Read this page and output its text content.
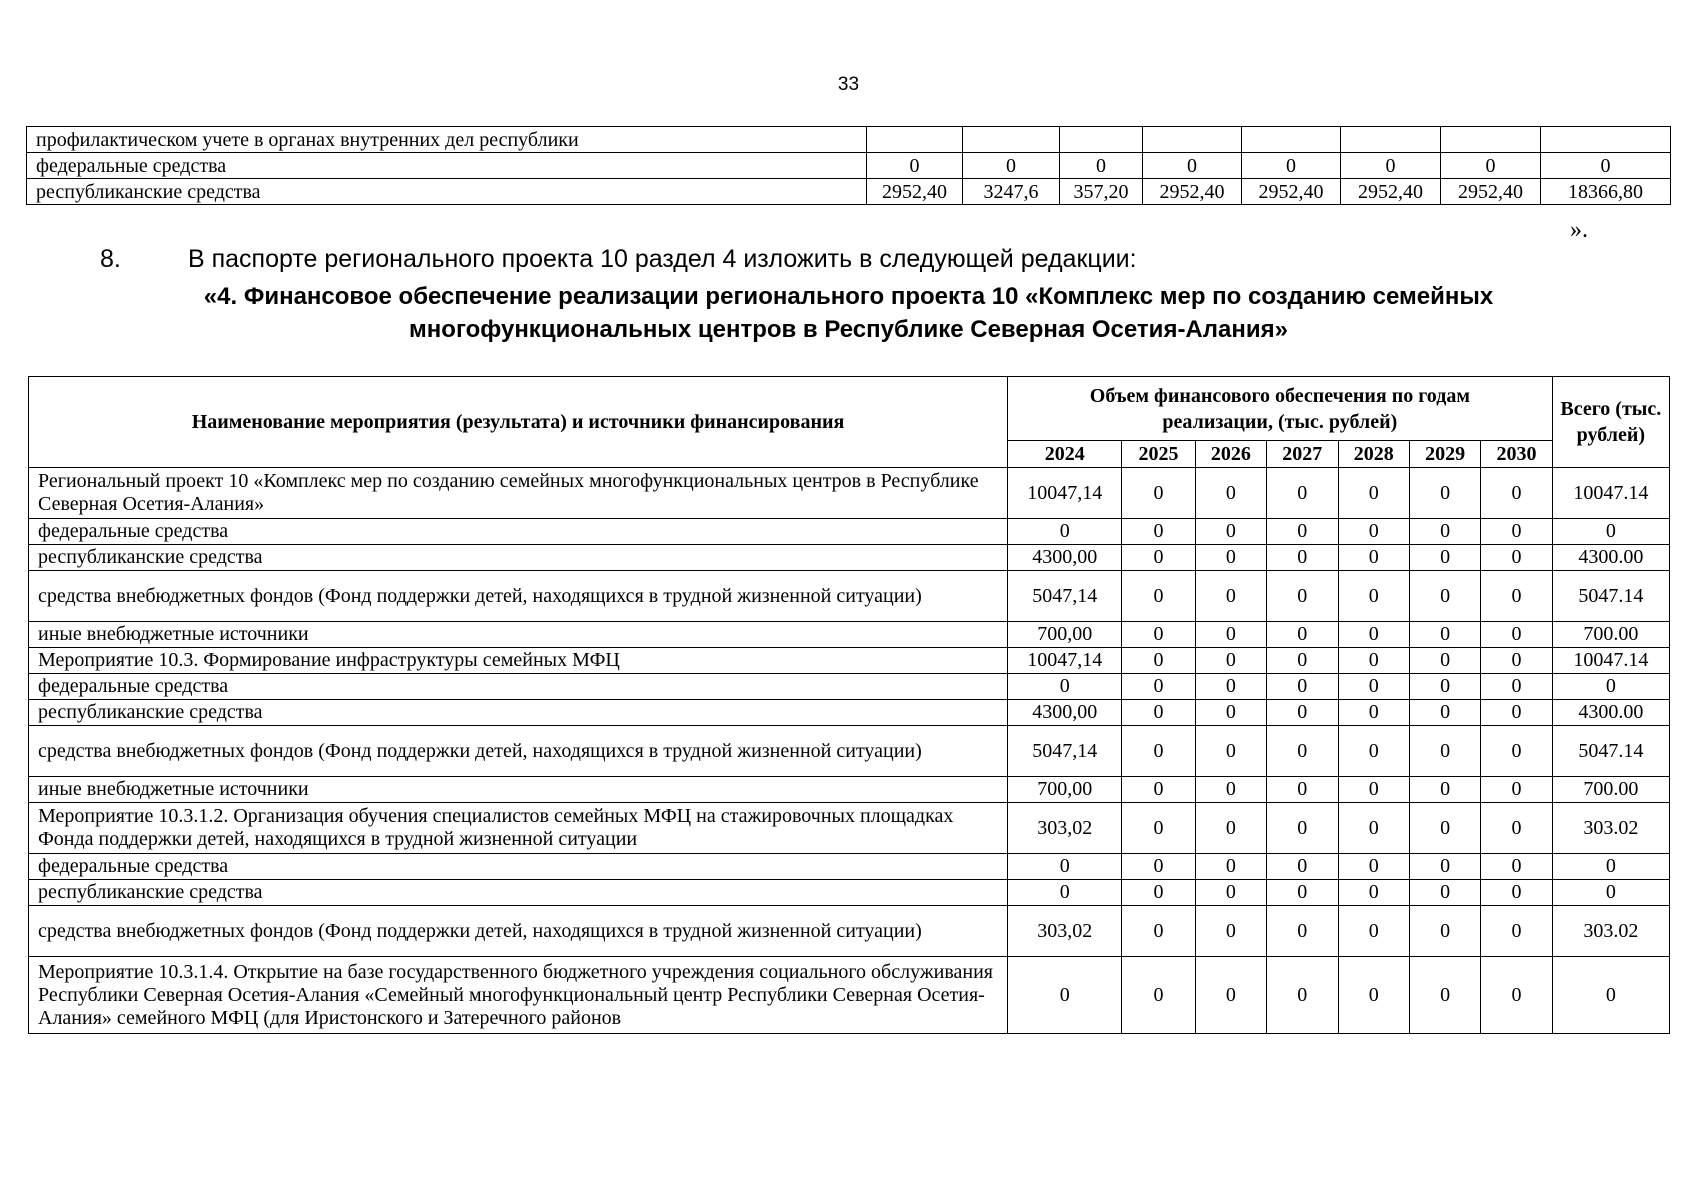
33
профилактическом учете в органах внутренних дел республики								
федеральные средства	0	0	0	0	0	0	0	0
республиканские средства	2952,40	3247,6	357,20	2952,40	2952,40	2952,40	2952,40	18366,80
».
8.	В паспорте регионального проекта 10 раздел 4 изложить в следующей редакции:
«4. Финансовое обеспечение реализации регионального проекта 10 «Комплекс мер по созданию семейных
многофункциональных центров в Республике Северная Осетия-Алания»
Наименование мероприятия (результата) и источники финансирования	Объем финансового обеспечения по годам реализации, (тыс. рублей)							Всего (тыс. рублей)
	2024	2025	2026	2027	2028	2029	2030	
Региональный проект 10 «Комплекс мер по созданию семейных многофункциональных центров в Республике Северная Осетия-Алания»	10047,14	0	0	0	0	0	0	10047.14
федеральные средства	0	0	0	0	0	0	0	0
республиканские средства	4300,00	0	0	0	0	0	0	4300.00
средства внебюджетных фондов (Фонд поддержки детей, находящихся в трудной жизненной ситуации)	5047,14	0	0	0	0	0	0	5047.14
иные внебюджетные источники	700,00	0	0	0	0	0	0	700.00
Мероприятие 10.3. Формирование инфраструктуры семейных МФЦ	10047,14	0	0	0	0	0	0	10047.14
федеральные средства	0	0	0	0	0	0	0	0
республиканские средства	4300,00	0	0	0	0	0	0	4300.00
средства внебюджетных фондов (Фонд поддержки детей, находящихся в трудной жизненной ситуации)	5047,14	0	0	0	0	0	0	5047.14
иные внебюджетные источники	700,00	0	0	0	0	0	0	700.00
Мероприятие 10.3.1.2. Организация обучения специалистов семейных МФЦ на стажировочных площадках Фонда поддержки детей, находящихся в трудной жизненной ситуации	303,02	0	0	0	0	0	0	303.02
федеральные средства	0	0	0	0	0	0	0	0
республиканские средства	0	0	0	0	0	0	0	0
средства внебюджетных фондов (Фонд поддержки детей, находящихся в трудной жизненной ситуации)	303,02	0	0	0	0	0	0	303.02
Мероприятие 10.3.1.4. Открытие на базе государственного бюджетного учреждения социального обслуживания Республики Северная Осетия-Алания «Семейный многофункциональный центр Республики Северная Осетия-Алания» семейного МФЦ (для Иристонского и Затеречного районов	0	0	0	0	0	0	0	0
